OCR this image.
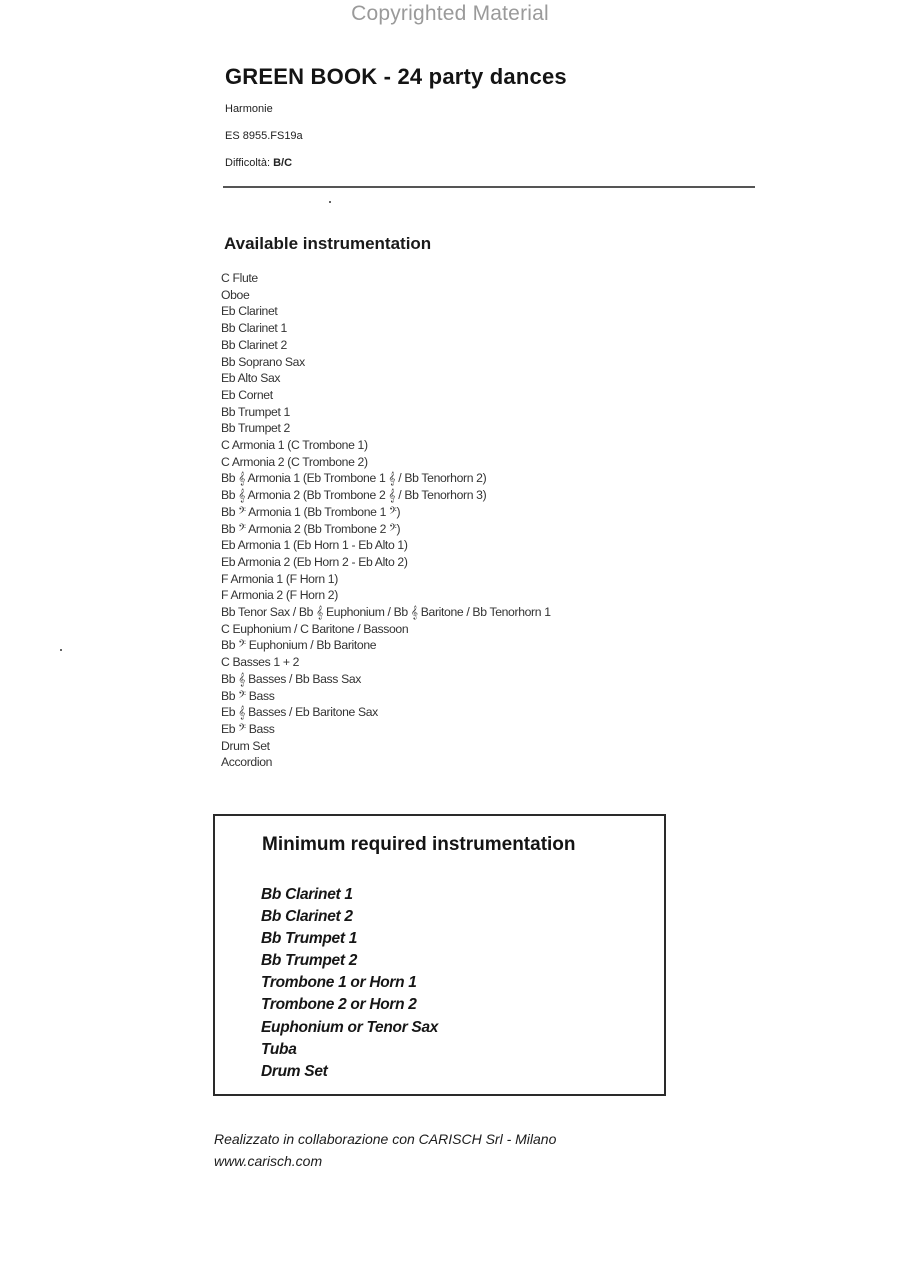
Copyrighted Material
GREEN BOOK - 24 party dances
Harmonie
ES 8955.FS19a
Difficoltà: B/C
Available instrumentation
C Flute
Oboe
Eb Clarinet
Bb Clarinet 1
Bb Clarinet 2
Bb Soprano Sax
Eb Alto Sax
Eb Cornet
Bb Trumpet 1
Bb Trumpet 2
C Armonia 1 (C Trombone 1)
C Armonia 2 (C Trombone 2)
Bb 𝄞 Armonia 1 (Eb Trombone 1 𝄞 / Bb Tenorhorn 2)
Bb 𝄞 Armonia 2 (Bb Trombone 2 𝄞 / Bb Tenorhorn 3)
Bb 𝄢 Armonia 1 (Bb Trombone 1 𝄢)
Bb 𝄢 Armonia 2 (Bb Trombone 2 𝄢)
Eb Armonia 1 (Eb Horn 1 - Eb Alto 1)
Eb Armonia 2 (Eb Horn 2 - Eb Alto 2)
F Armonia 1 (F Horn 1)
F Armonia 2 (F Horn 2)
Bb Tenor Sax / Bb 𝄞 Euphonium / Bb 𝄞 Baritone / Bb Tenorhorn 1
C Euphonium / C Baritone / Bassoon
Bb 𝄢 Euphonium / Bb Baritone
C Basses 1 + 2
Bb 𝄞 Basses / Bb Bass Sax
Bb 𝄢 Bass
Eb 𝄞 Basses / Eb Baritone Sax
Eb 𝄢 Bass
Drum Set
Accordion
Minimum required instrumentation
Bb Clarinet 1
Bb Clarinet 2
Bb Trumpet 1
Bb Trumpet 2
Trombone 1 or Horn 1
Trombone 2 or Horn 2
Euphonium or Tenor Sax
Tuba
Drum Set
Realizzato in collaborazione con CARISCH Srl - Milano
www.carisch.com
